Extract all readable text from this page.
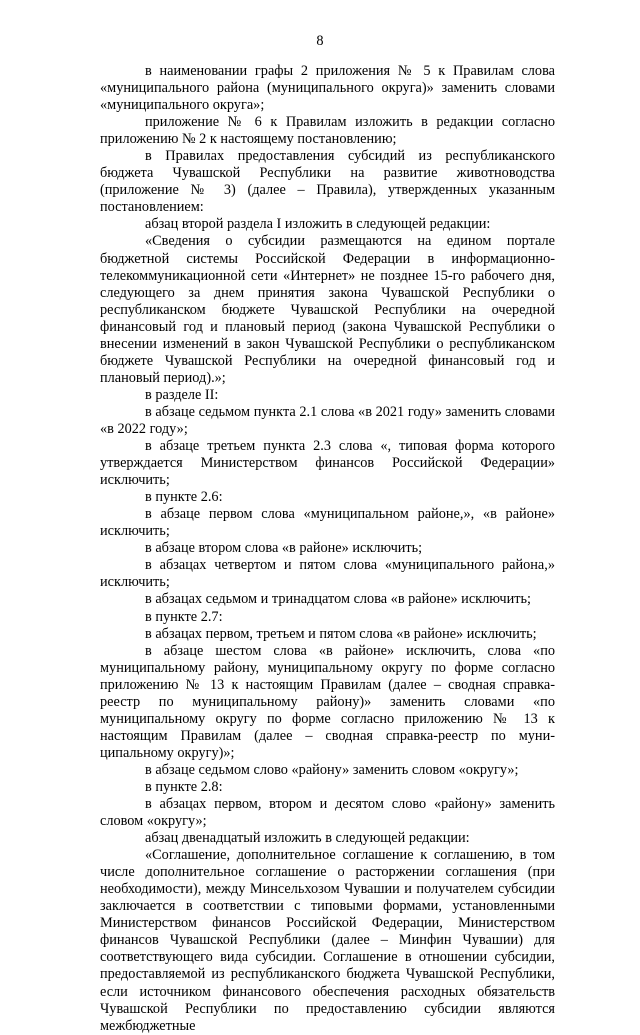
8

в наименовании графы 2 приложения № 5 к Правилам слова «муниципального района (муниципального округа)» заменить словами «муниципального округа»;

приложение № 6 к Правилам изложить в редакции согласно приложению № 2 к настоящему постановлению;

в Правилах предоставления субсидий из республиканского бюджета Чувашской Республики на развитие животноводства (приложение № 3) (далее – Правила), утвержденных указанным постановлением:

абзац второй раздела I изложить в следующей редакции:

«Сведения о субсидии размещаются на едином портале бюджетной системы Российской Федерации в информационно-телекоммуникационной сети «Интернет» не позднее 15-го рабочего дня, следующего за днем принятия закона Чувашской Республики о республиканском бюджете Чувашской Республики на очередной финансовый год и плановый период (закона Чувашской Республики о внесении изменений в закон Чувашской Республики о республиканском бюджете Чувашской Республики на очередной финансовый год и плановый период).»;

в разделе II:

в абзаце седьмом пункта 2.1 слова «в 2021 году» заменить словами «в 2022 году»;

в абзаце третьем пункта 2.3 слова «, типовая форма которого утверждается Министерством финансов Российской Федерации» исключить;

в пункте 2.6:

в абзаце первом слова «муниципальном районе,», «в районе» исключить;

в абзаце втором слова «в районе» исключить;

в абзацах четвертом и пятом слова «муниципального района,» исключить;

в абзацах седьмом и тринадцатом слова «в районе» исключить;

в пункте 2.7:

в абзацах первом, третьем и пятом слова «в районе» исключить;

в абзаце шестом слова «в районе» исключить, слова «по муниципальному району, муниципальному округу по форме согласно приложению № 13 к настоящим Правилам (далее – сводная справка-реестр по муниципальному району)» заменить словами «по муниципальному округу по форме согласно приложению № 13 к настоящим Правилам (далее – сводная справка-реестр по муниципальному округу)»;

в абзаце седьмом слово «району» заменить словом «округу»;

в пункте 2.8:

в абзацах первом, втором и десятом слово «району» заменить словом «округу»;

абзац двенадцатый изложить в следующей редакции:

«Соглашение, дополнительное соглашение к соглашению, в том числе дополнительное соглашение о расторжении соглашения (при необходимости), между Минсельхозом Чувашии и получателем субсидии заключается в соответствии с типовыми формами, установленными Министерством финансов Российской Федерации, Министерством финансов Чувашской Республики (далее – Минфин Чувашии) для соответствующего вида субсидии. Соглашение в отношении субсидии, предоставляемой из республиканского бюджета Чувашской Республики, если источником финансового обеспечения расходных обязательств Чувашской Республики по предоставлению субсидии являются межбюджетные
